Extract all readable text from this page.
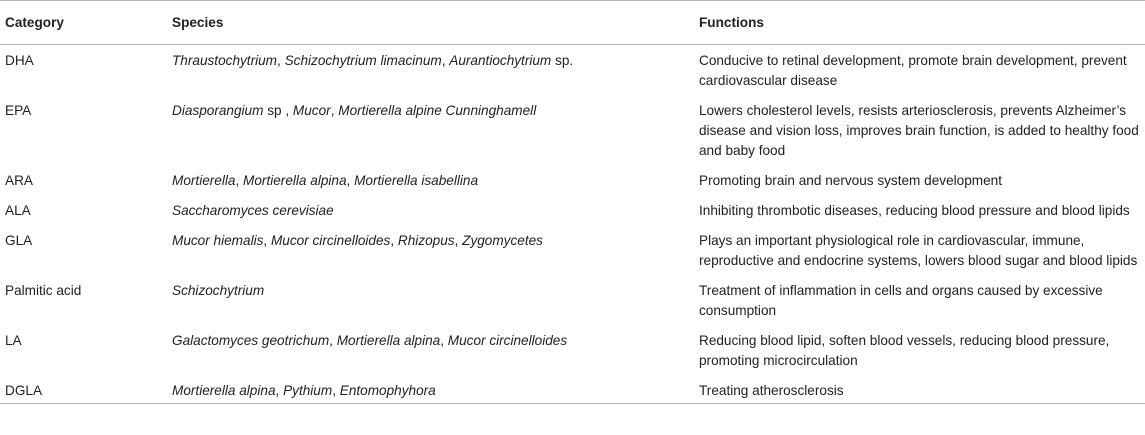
Category	Species	Functions
DHA	Thraustochytrium, Schizochytrium limacinum, Aurantiochytrium sp.	Conducive to retinal development, promote brain development, prevent cardiovascular disease
EPA	Diasporangium sp , Mucor, Mortierella alpine Cunninghamell	Lowers cholesterol levels, resists arteriosclerosis, prevents Alzheimer’s disease and vision loss, improves brain function, is added to healthy food and baby food
ARA	Mortierella, Mortierella alpina, Mortierella isabellina	Promoting brain and nervous system development
ALA	Saccharomyces cerevisiae	Inhibiting thrombotic diseases, reducing blood pressure and blood lipids
GLA	Mucor hiemalis, Mucor circinelloides, Rhizopus, Zygomycetes	Plays an important physiological role in cardiovascular, immune, reproductive and endocrine systems, lowers blood sugar and blood lipids
Palmitic acid	Schizochytrium	Treatment of inflammation in cells and organs caused by excessive consumption
LA	Galactomyces geotrichum, Mortierella alpina, Mucor circinelloides	Reducing blood lipid, soften blood vessels, reducing blood pressure, promoting microcirculation
DGLA	Mortierella alpina, Pythium, Entomophyhora	Treating atherosclerosis
